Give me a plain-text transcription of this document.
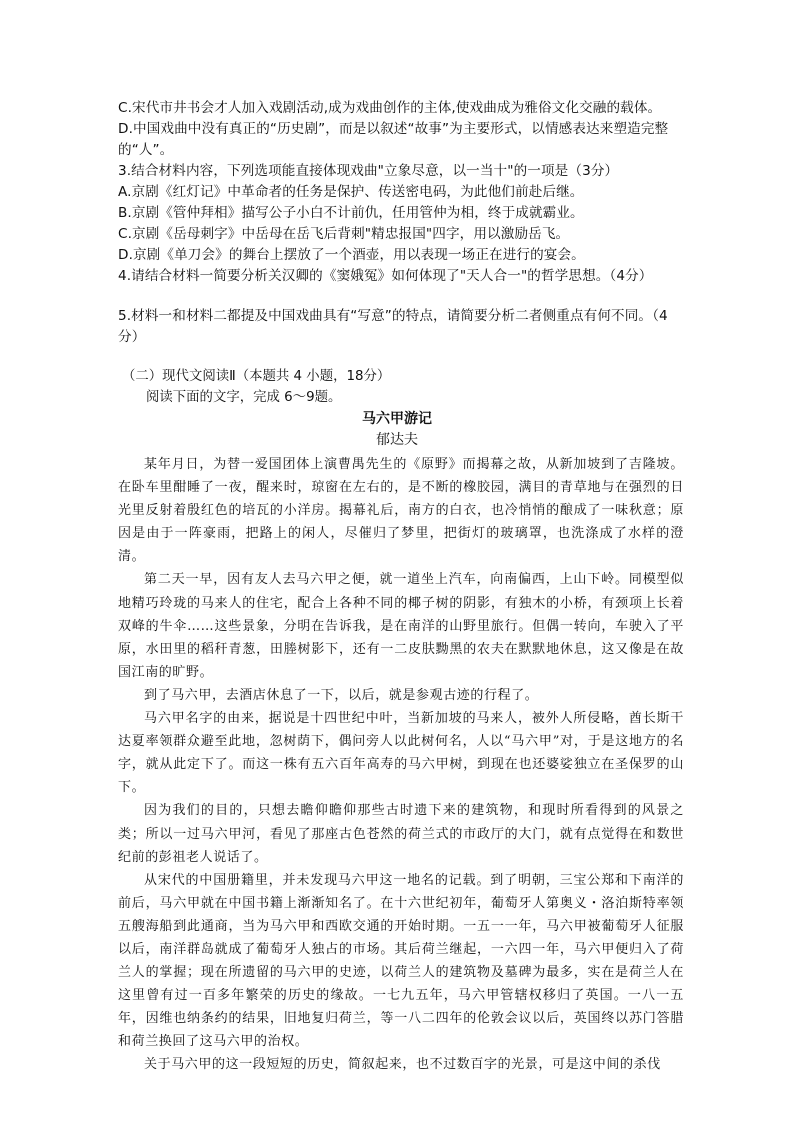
C.宋代市井书会才人加入戏剧活动,成为戏曲创作的主体,使戏曲成为雅俗文化交融的载体。

D.中国戏曲中没有真正的“历史剧”，而是以叙述“故事”为主要形式，以情感表达来塑造完整的“人”。

3.结合材料内容，下列选项能直接体现戏曲"立象尽意，以一当十"的一项是（3分）

A.京剧《红灯记》中革命者的任务是保护、传送密电码，为此他们前赴后继。

B.京剧《管仲拜相》描写公子小白不计前仇，任用管仲为相，终于成就霸业。

C.京剧《岳母刺字》中岳母在岳飞后背刺"精忠报国"四字，用以激励岳飞。

D.京剧《单刀会》的舞台上摆放了一个酒壶，用以表现一场正在进行的宴会。

4.请结合材料一简要分析关汉卿的《窦娥冤》如何体现了"天人合一"的哲学思想。（4分）

5.材料一和材料二都提及中国戏曲具有“写意”的特点，请简要分析二者侧重点有何不同。（4分）

（二）现代文阅读Ⅱ（本题共 4 小题，18分）
阅读下面的文字，完成 6～9题。
马六甲游记
郁达夫

某年月日，为替一爱国团体上演曹禺先生的《原野》而揭幕之故，从新加坡到了吉隆坡。在卧车里酣睡了一夜，醒来时，琼窗在左右的，是不断的橡胶园，满目的青草地与在强烈的日光里反射着殷红色的培瓦的小洋房。揭幕礼后，南方的白衣，也冷悄悄的酿成了一味秋意；原因是由于一阵豪雨，把路上的闲人，尽催归了梦里，把街灯的玻璃罩，也洗涤成了水样的澄清。

第二天一早，因有友人去马六甲之便，就一道坐上汽车，向南偏西，上山下岭。同模型似地精巧玲珑的马来人的住宅，配合上各种不同的椰子树的阴影，有独木的小桥，有颈项上长着双峰的牛伞……这些景象，分明在告诉我，是在南洋的山野里旅行。但偶一转向，车驶入了平原，水田里的稻秆青葱，田塍树影下，还有一二皮肤黝黑的农夫在默默地休息，这又像是在故国江南的旷野。

到了马六甲，去酒店休息了一下，以后，就是参观古迹的行程了。

马六甲名字的由来，据说是十四世纪中叶，当新加坡的马来人，被外人所侵略，酋长斯干达夏率领群众避至此地，忽树荫下，偶问旁人以此树何名，人以“马六甲”对，于是这地方的名字，就从此定下了。而这一株有五六百年高寿的马六甲树，到现在也还婆娑独立在圣保罗的山下。

因为我们的目的，只想去瞻仰瞻仰那些古时遗下来的建筑物，和现时所看得到的风景之类；所以一过马六甲河，看见了那座古色苍然的荷兰式的市政厅的大门，就有点觉得在和数世纪前的彭祖老人说话了。

从宋代的中国册籍里，并未发现马六甲这一地名的记载。到了明朝，三宝公郑和下南洋的前后，马六甲就在中国书籍上渐渐知名了。在十六世纪初年，葡萄牙人第奥义・洛泊斯特率领五艘海船到此通商，当为马六甲和西欧交通的开始时期。一五一一年，马六甲被葡萄牙人征服以后，南洋群岛就成了葡萄牙人独占的市场。其后荷兰继起，一六四一年，马六甲便归入了荷兰人的掌握；现在所遗留的马六甲的史迹，以荷兰人的建筑物及墓碑为最多，实在是荷兰人在这里曾有过一百多年繁荣的历史的缘故。一七九五年，马六甲管辖权移归了英国。一八一五年，因维也纳条约的结果，旧地复归荷兰，等一八二四年的伦敦会议以后，英国终以苏门答腊和荷兰换回了这马六甲的治权。

关于马六甲的这一段短短的历史，简叙起来，也不过数百字的光景，可是这中间的杀伐
